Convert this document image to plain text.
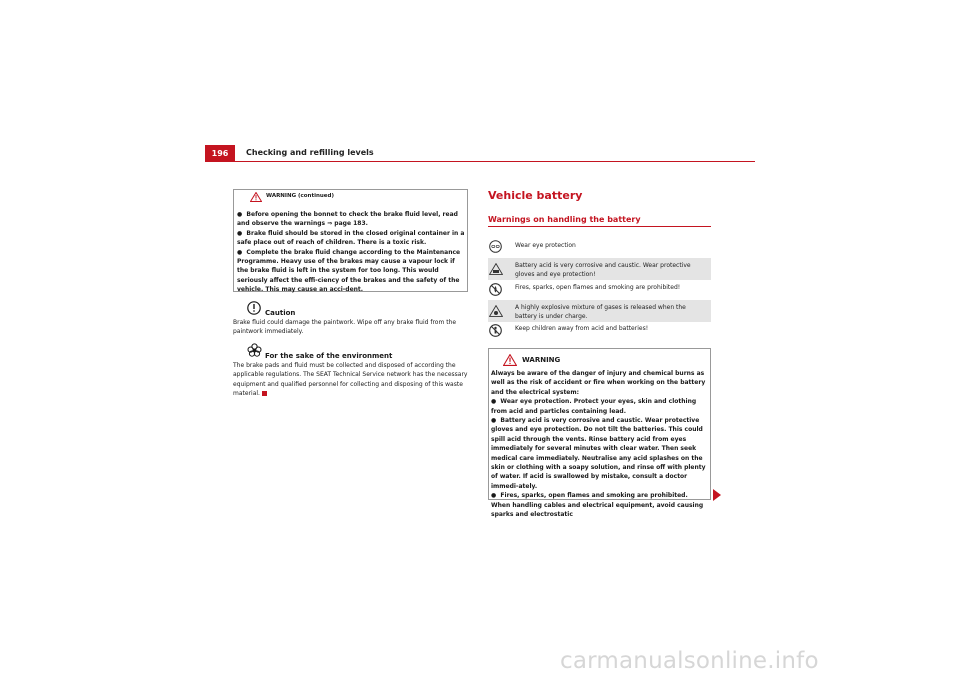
196	Checking and refilling levels
WARNING (continued)

●  Before opening the bonnet to check the brake fluid level, read and observe the warnings ⇒ page 183.

●  Brake fluid should be stored in the closed original container in a safe place out of reach of children. There is a toxic risk.

●  Complete the brake fluid change according to the Maintenance Programme. Heavy use of the brakes may cause a vapour lock if the brake fluid is left in the system for too long. This would seriously affect the effi-ciency of the brakes and the safety of the vehicle. This may cause an acci-dent.

Caution
Brake fluid could damage the paintwork. Wipe off any brake fluid from the paintwork immediately.
For the sake of the environment
The brake pads and fluid must be collected and disposed of according the applicable regulations. The SEAT Technical Service network has the necessary equipment and qualified personnel for collecting and disposing of this waste material.
Vehicle battery
Warnings on handling the battery
Wear eye protection
Battery acid is very corrosive and caustic. Wear protective gloves and eye protection!
Fires, sparks, open flames and smoking are prohibited!
A highly explosive mixture of gases is released when the battery is under charge.
Keep children away from acid and batteries!
WARNING

Always be aware of the danger of injury and chemical burns as well as the risk of accident or fire when working on the battery and the electrical system:

●  Wear eye protection. Protect your eyes, skin and clothing from acid and particles containing lead.

●  Battery acid is very corrosive and caustic. Wear protective gloves and eye protection. Do not tilt the batteries. This could spill acid through the vents. Rinse battery acid from eyes immediately for several minutes with clear water. Then seek medical care immediately. Neutralise any acid splashes on the skin or clothing with a soapy solution, and rinse off with plenty of water. If acid is swallowed by mistake, consult a doctor immedi-ately.

●  Fires, sparks, open flames and smoking are prohibited. When handling cables and electrical equipment, avoid causing sparks and electrostatic

carmanualsonline.info
